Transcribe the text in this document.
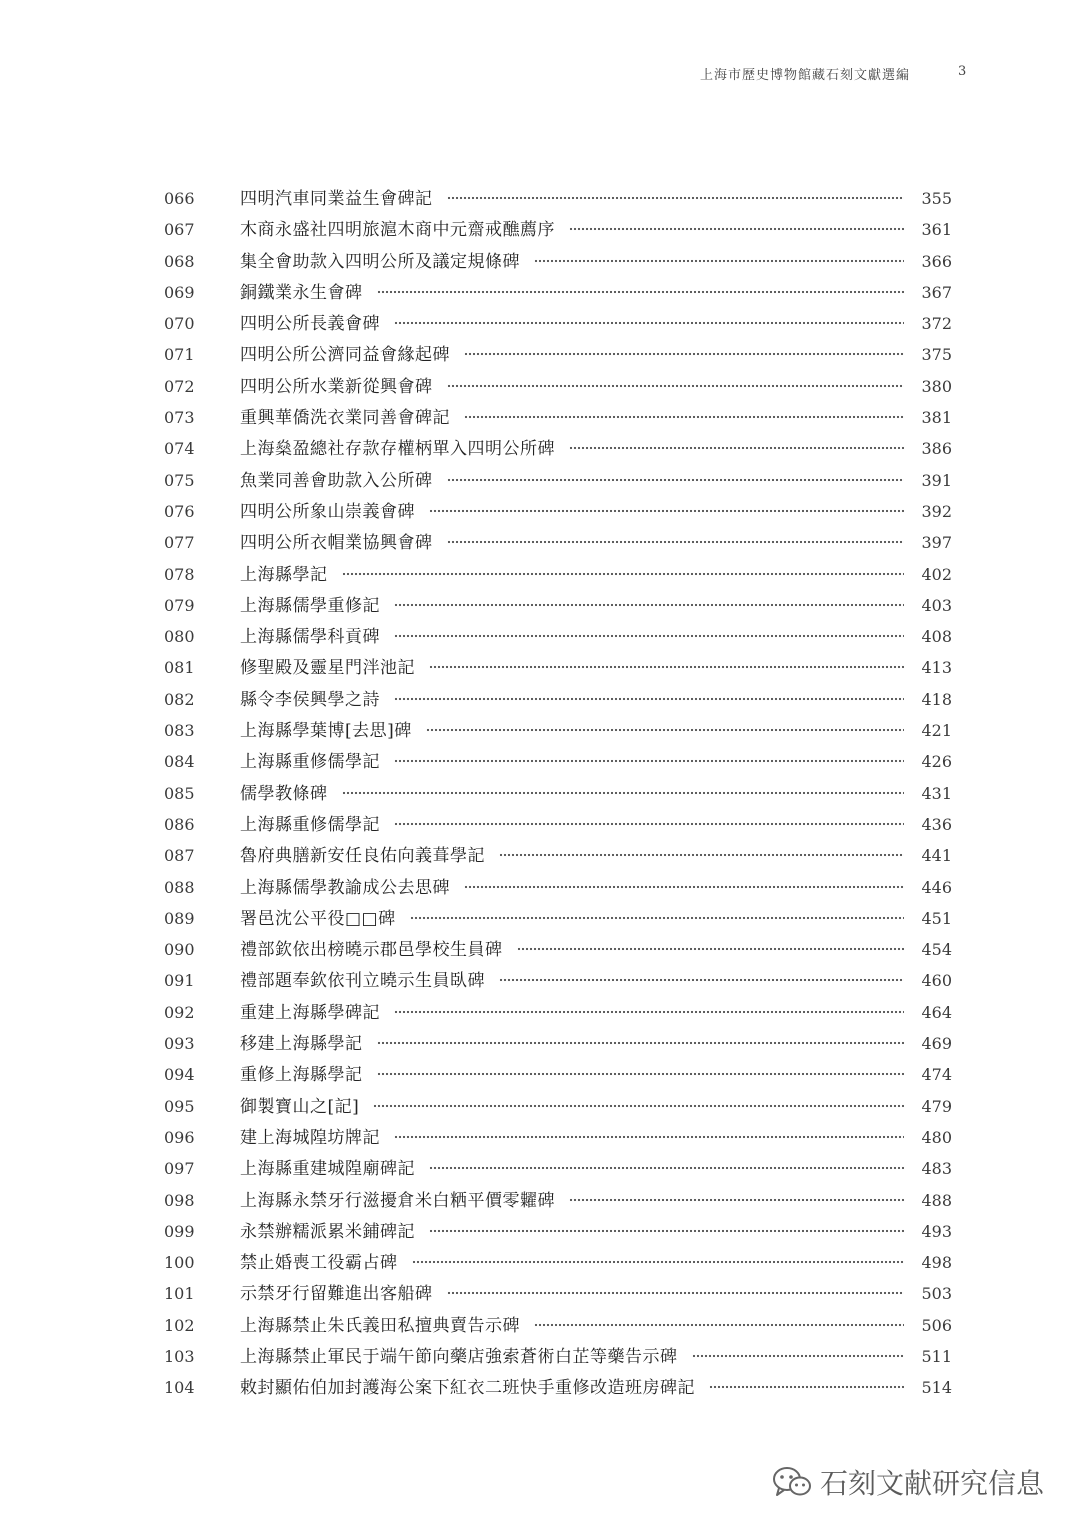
上海市歷史博物館藏石刻文獻選編	3
066	四明汽車同業益生會碑記	355
067	木商永盛社四明旅滬木商中元齋戒醮薦序	361
068	集全會助款入四明公所及議定規條碑	366
069	銅鐵業永生會碑	367
070	四明公所長義會碑	372
071	四明公所公濟同益會緣起碑	375
072	四明公所水業新從興會碑	380
073	重興華僑洗衣業同善會碑記	381
074	上海燊盈總社存款存權柄單入四明公所碑	386
075	魚業同善會助款入公所碑	391
076	四明公所象山崇義會碑	392
077	四明公所衣帽業協興會碑	397
078	上海縣學記	402
079	上海縣儒學重修記	403
080	上海縣儒學科貢碑	408
081	修聖殿及靈星門泮池記	413
082	縣令李侯興學之詩	418
083	上海縣學葉博[去思]碑	421
084	上海縣重修儒學記	426
085	儒學教條碑	431
086	上海縣重修儒學記	436
087	魯府典膳新安任良佑向義葺學記	441
088	上海縣儒學教諭成公去思碑	446
089	署邑沈公平役□□碑	451
090	禮部欽依出榜曉示郡邑學校生員碑	454
091	禮部題奉欽依刊立曉示生員臥碑	460
092	重建上海縣學碑記	464
093	移建上海縣學記	469
094	重修上海縣學記	474
095	御製寶山之[記]	479
096	建上海城隍坊牌記	480
097	上海縣重建城隍廟碑記	483
098	上海縣永禁牙行滋擾倉米白粞平價零糶碑	488
099	永禁辦糯派累米鋪碑記	493
100	禁止婚喪工役霸占碑	498
101	示禁牙行留難進出客船碑	503
102	上海縣禁止朱氏義田私擅典賣告示碑	506
103	上海縣禁止軍民于端午節向藥店強索蒼術白芷等藥告示碑	511
104	敕封顯佑伯加封護海公案下紅衣二班快手重修改造班房碑記	514
石刻文献研究信息
